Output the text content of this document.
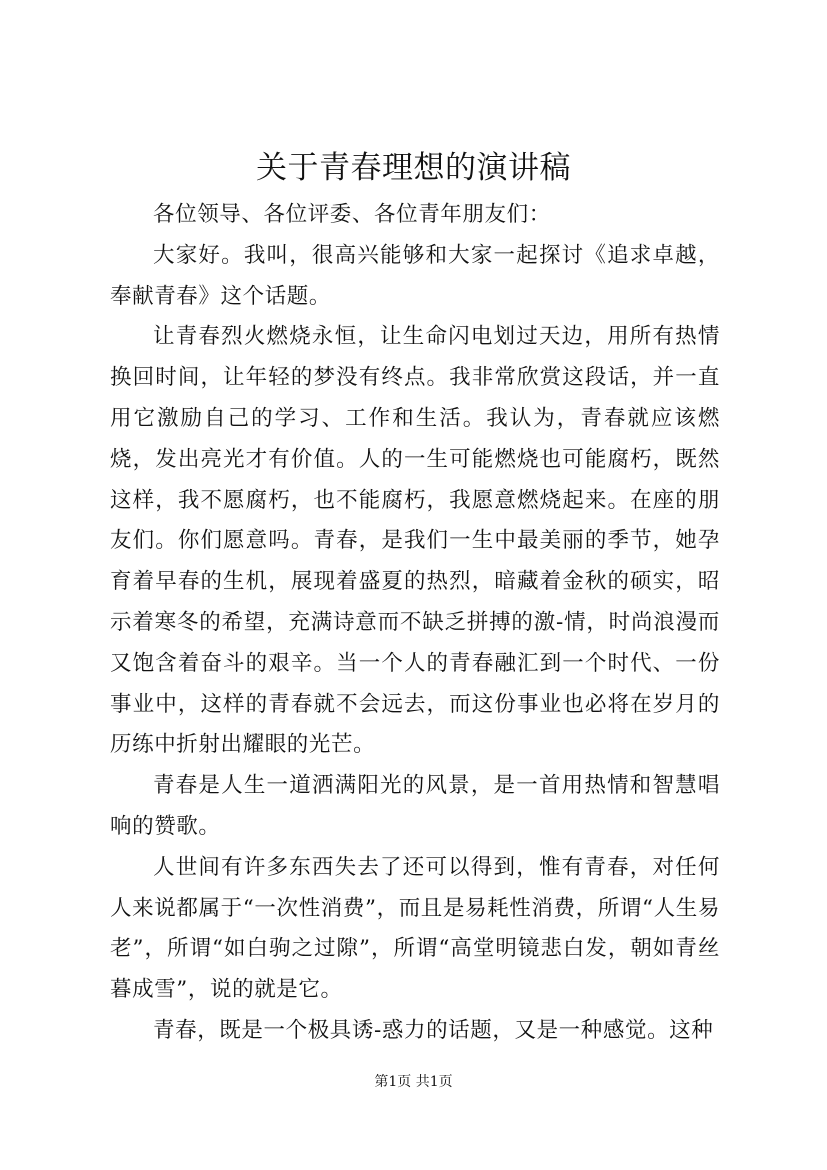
关于青春理想的演讲稿

各位领导、各位评委、各位青年朋友们：

大家好。我叫，很高兴能够和大家一起探讨《追求卓越，奉献青春》这个话题。

让青春烈火燃烧永恒，让生命闪电划过天边，用所有热情换回时间，让年轻的梦没有终点。我非常欣赏这段话，并一直用它激励自己的学习、工作和生活。我认为，青春就应该燃烧，发出亮光才有价值。人的一生可能燃烧也可能腐朽，既然这样，我不愿腐朽，也不能腐朽，我愿意燃烧起来。在座的朋友们。你们愿意吗。青春，是我们一生中最美丽的季节，她孕育着早春的生机，展现着盛夏的热烈，暗藏着金秋的硕实，昭示着寒冬的希望，充满诗意而不缺乏拼搏的激-情，时尚浪漫而又饱含着奋斗的艰辛。当一个人的青春融汇到一个时代、一份事业中，这样的青春就不会远去，而这份事业也必将在岁月的历练中折射出耀眼的光芒。

青春是人生一道洒满阳光的风景，是一首用热情和智慧唱响的赞歌。

人世间有许多东西失去了还可以得到，惟有青春，对任何人来说都属于“一次性消费”，而且是易耗性消费，所谓“人生易老”，所谓“如白驹之过隙”，所谓“高堂明镜悲白发，朝如青丝暮成雪”，说的就是它。

青春，既是一个极具诱-惑力的话题，又是一种感觉。这种

第1页 共1页
